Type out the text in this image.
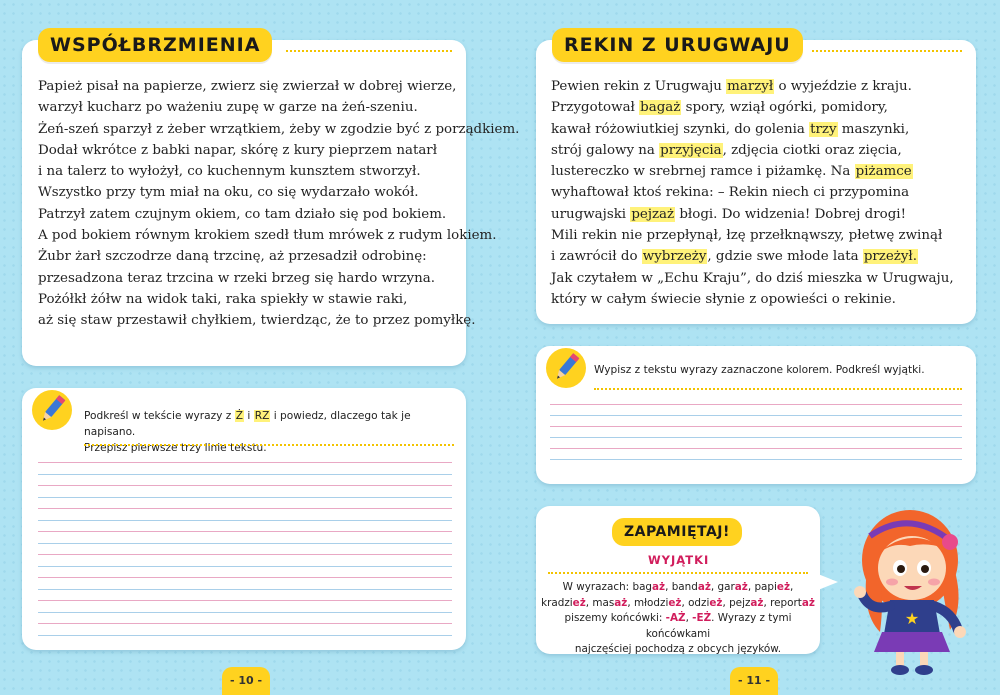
WSPÓŁBRZMIENIA
Papież pisał na papierze, zwierz się zwierzał w dobrej wierze,
warzył kucharz po ważeniu zupę w garze na żeń-szeniu.
Żeń-szeń sparzył z żeber wrzątkiem, żeby w zgodzie być z porządkiem.
Dodał wkrótce z babki napar, skórę z kury pieprzem natarł
i na talerz to wyłożył, co kuchennym kunsztem stworzył.
Wszystko przy tym miał na oku, co się wydarzało wokół.
Patrzył zatem czujnym okiem, co tam działo się pod bokiem.
A pod bokiem równym krokiem szedł tłum mrówek z rudym lokiem.
Żubr żarł szczodrze daną trzcinę, aż przesadził odrobinę:
przesadzona teraz trzcina w rzeki brzeg się hardo wrzyna.
Pożółkł żółw na widok taki, raka spiekły w stawie raki,
aż się staw przestawił chyłkiem, twierdząc, że to przez pomyłkę.
Podkreśl w tekście wyrazy z Ż i RZ i powiedz, dlaczego tak je napisano.
Przepisz pierwsze trzy linie tekstu.
- 10 -
REKIN Z URUGWAJU
Pewien rekin z Urugwaju marzył o wyjeździe z kraju.
Przygotował bagaż spory, wziął ogórki, pomidory,
kawał różowiutkiej szynki, do golenia trzy maszynki,
strój galowy na przyjęcia, zdjęcia ciotki oraz zięcia,
lustereczko w srebrnej ramce i piżamkę. Na piżamce
wyhaftował ktoś rekina: – Rekin niech ci przypomina
urugwajski pejzaż błogi. Do widzenia! Dobrej drogi!
Mili rekin nie przepłynął, łzę przełknąwszy, płetwę zwinął
i zawrócił do wybrzeży, gdzie swe młode lata przeżył.
Jak czytałem w „Echu Kraju”, do dziś mieszka w Urugwaju,
który w całym świecie słynie z opowieści o rekinie.
Wypisz z tekstu wyrazy zaznaczone kolorem. Podkreśl wyjątki.
ZAPAMIĘTAJ!
WYJĄTKI
W wyrazach: bagaż, bandaż, garaż, papież, kradzież, masaż, młodzież, odzież, pejzaż, reportaż piszemy końcówki: -AŻ, -EŻ. Wyrazy z tymi końcówkami
najczęściej pochodzą z obcych języków.
★
- 11 -
